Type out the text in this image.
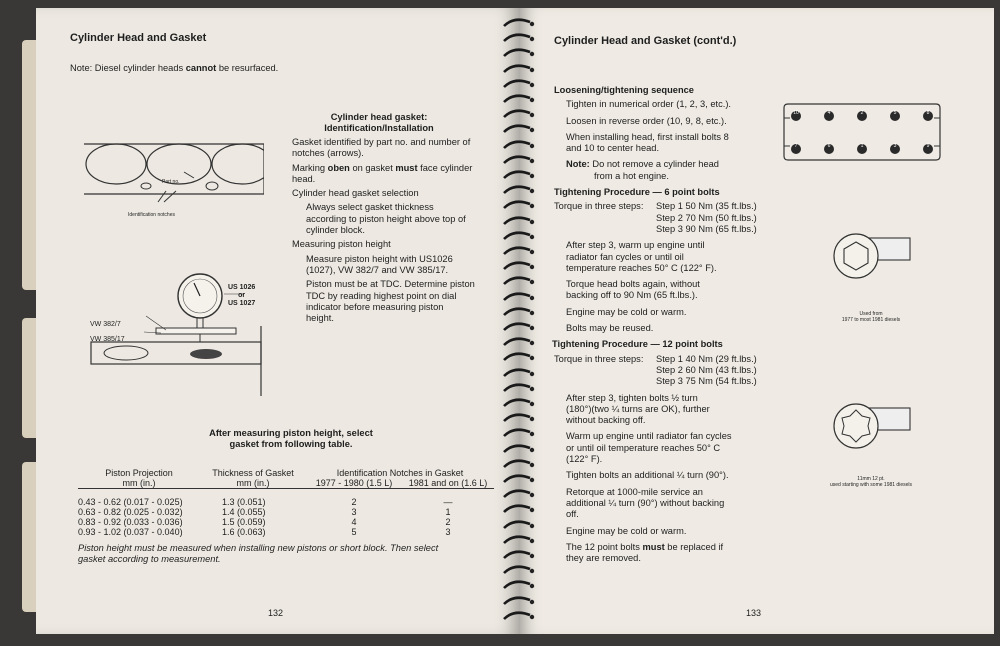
Cylinder Head and Gasket
Note: Diesel cylinder heads cannot be resurfaced.
Part no.
Identification notches
Cylinder head gasket:
Identification/Installation
Gasket identified by part no. and number of
notches (arrows).
Marking oben on gasket must face cylinder
head.
Cylinder head gasket selection
Always select gasket thickness
according to piston height above top of
cylinder block.
Measuring piston height
Measure piston height with US1026
(1027), VW 382/7 and VW 385/17.
Piston must be at TDC. Determine piston
TDC by reading highest point on dial
indicator before measuring piston
height.
US 1026
or
US 1027
VW 382/7
VW 385/17
After measuring piston height, select
gasket from following table.
Piston Projection	Thickness of Gasket	Identification Notches in Gasket	
mm (in.)	mm (in.)	1977 - 1980 (1.5 L)	1981 and on (1.6 L)

0.43 - 0.62 (0.017 - 0.025)	1.3 (0.051)	2	—
0.63 - 0.82 (0.025 - 0.032)	1.4 (0.055)	3	1
0.83 - 0.92 (0.033 - 0.036)	1.5 (0.059)	4	2
0.93 - 1.02 (0.037 - 0.040)	1.6 (0.063)	5	3
Piston height must be measured when installing new pistons or short block. Then select
gasket according to measurement.
132
Cylinder Head and Gasket (cont'd.)
Loosening/tightening sequence
Tighten in numerical order (1, 2, 3, etc.).
Loosen in reverse order (10, 9, 8, etc.).
When installing head, first install bolts 8
and 10 to center head.
Note: Do not remove a cylinder head
from a hot engine.
Tightening Procedure — 6 point bolts
Torque in three steps:	Step 1 50 Nm (35 ft.lbs.)
Step 2 70 Nm (50 ft.lbs.)
Step 3 90 Nm (65 ft.lbs.)
After step 3, warm up engine until
radiator fan cycles or until oil
temperature reaches 50° C (122° F).
Torque head bolts again, without
backing off to 90 Nm (65 ft.lbs.).
Engine may be cold or warm.
Bolts may be reused.
Tightening Procedure — 12 point bolts
Torque in three steps:	Step 1 40 Nm (29 ft.lbs.)
Step 2 60 Nm (43 ft.lbs.)
Step 3 75 Nm (54 ft.lbs.)
After step 3, tighten bolts ½ turn
(180°)(two ¼ turns are OK), further
without backing off.
Warm up engine until radiator fan cycles
or until oil temperature reaches 50° C
(122° F).
Tighten bolts an additional ¼ turn (90°).
Retorque at 1000-mile service an
additional ¼ turn (90°) without backing
off.
Engine may be cold or warm.
The 12 point bolts must be replaced if
they are removed.
10	4	2	5	8
7	6	1	3	9
Used from
1977 to most 1981 diesels
11mm 12 pt.
used starting with some 1981 diesels
133
